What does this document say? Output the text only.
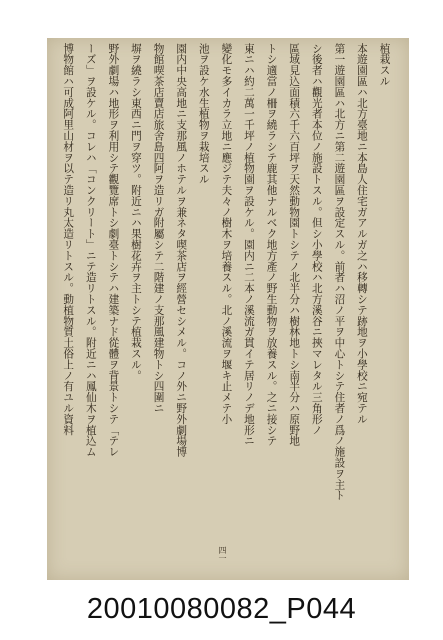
植栽スル
本遊園區ハ北方臺地ニ本島人住宅ガアルガ之ハ移轉シテ跡地ヲ小學校ニ宛テル
第一遊園區ハ北方ニ第二遊園區ヲ設定スル。前者ハ沼ノ平ヲ中心トシテ住者ノ爲ノ施設ヲ主ト
シ後者ハ觀光者本位ノ施設トスル。但シ小學校ハ北方溪谷ニ挾マレタル三角形ノ
區域見込面積六千六百坪ヲ天然動物園トシテノ北半分ハ樹林地トシ南半分ハ原野地
トシ適當ノ柵ヲ繞ラシテ鹿其他ナルベク地方產ノ野生動物ヲ放養スル。之ニ接シテ
東ニハ約二萬一千坪ノ植物園ヲ設ケル。園内ニ二本ノ溪流ガ貫イテ居リノデ地形ニ
變化モ多イカラ立地ニ應ジテ夫々ノ樹木ヲ培養スル。北ノ溪流ヲ堰キ止メテ小
池ヲ設ケ水生植物ヲ栽培スル
園内中央高地ニ支那風ノホテルヲ兼ネタ喫茶店ヲ經營セシメル。コノ外ニ野外劇場博
物館喫茶店賣店旅舍島四阿ヲ造リガ附屬シテ二階建ノ支那風建物トシ四圍ニ
塀ヲ繞ラシ東西ニ門ヲ穿ツ。附近ニハ果樹花卉ヲ主トシテ植栽スル。
野外劇場ハ地形ヲ利用シテ觀覽席トシ劇臺トシテハ建築ナド從體ヲ背景トシテ「テレ
ーズ」ヲ設ケル。コレハ「コンクリート」ニテ造リトスル。附近ニハ鳳仙木ヲ植込ム
博物館ハ可成阿里山材ヲ以テ造リ丸太造リトスル。動植物質土俗上ノ有ユル資料
四一
20010080082_P044
